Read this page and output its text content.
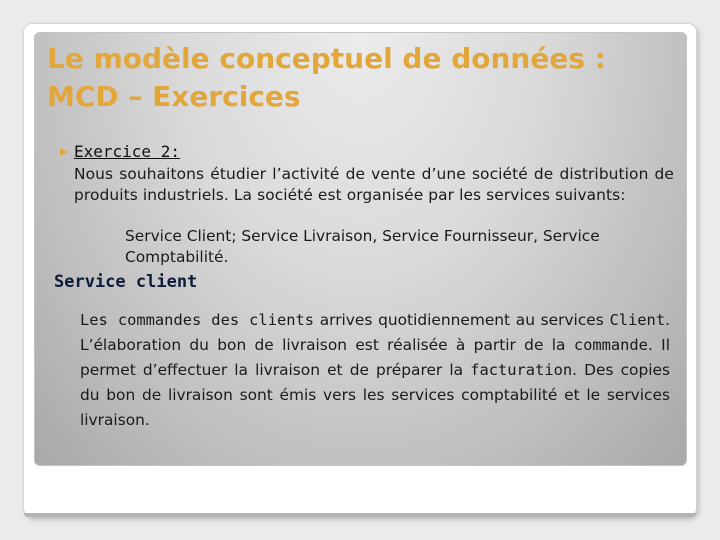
Le modèle conceptuel de données :
MCD – Exercices
Exercice 2:

Nous souhaitons étudier l’activité de vente d’une société de distribution de produits industriels. La société est organisée par les services suivants:

Service Client; Service Livraison, Service Fournisseur, Service Comptabilité.

Service client

Les commandes des clients arrives quotidiennement au services Client. L’élaboration du bon de livraison est réalisée à partir de la commande. Il permet d’effectuer la livraison et de préparer la facturation. Des copies du bon de livraison sont émis vers les services comptabilité et le services livraison.
